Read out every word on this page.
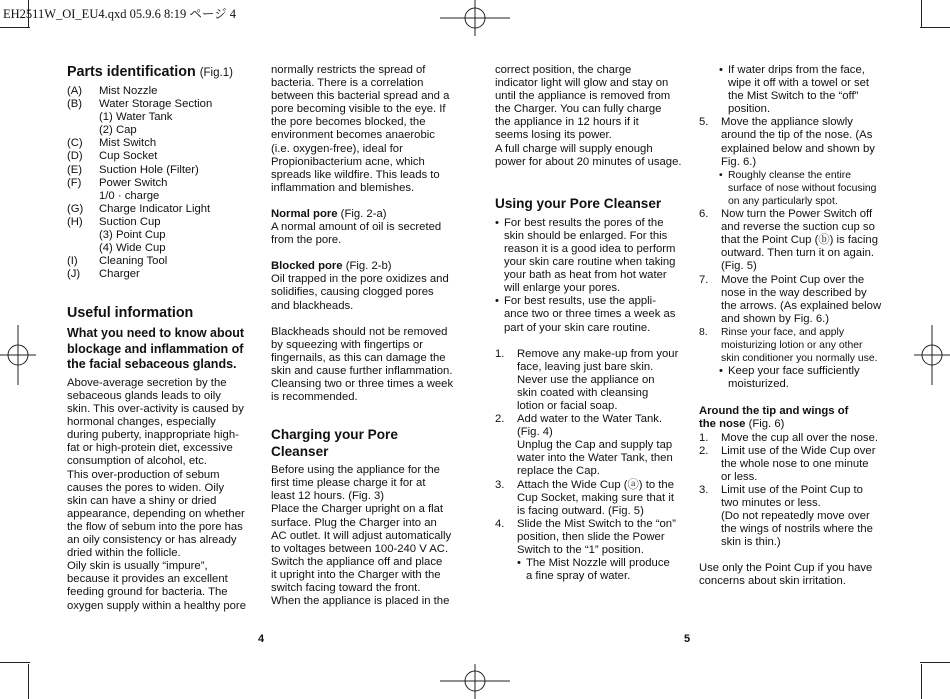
EH2511W_OI_EU4.qxd 05.9.6 8:19 ページ 4

Parts identification (Fig.1)

(A)	Mist Nozzle
(B)	Water Storage Section
(1) Water Tank
(2) Cap
(C)	Mist Switch
(D)	Cup Socket
(E)	Suction Hole (Filter)
(F)	Power Switch
1/0 · charge
(G)	Charge Indicator Light
(H)	Suction Cup
(3) Point Cup
(4) Wide Cup
(I)	Cleaning Tool
(J)	Charger

Useful information

What you need to know about
blockage and inflammation of
the facial sebaceous glands.
Above-average secretion by the
sebaceous glands leads to oily
skin. This over-activity is caused by
hormonal changes, especially
during puberty, inappropriate high-
fat or high-protein diet, excessive
consumption of alcohol, etc.
This over-production of sebum
causes the pores to widen. Oily
skin can have a shiny or dried
appearance, depending on whether
the flow of sebum into the pore has
an oily consistency or has already
dried within the follicle.
Oily skin is usually “impure”,
because it provides an excellent
feeding ground for bacteria. The
oxygen supply within a healthy pore
normally restricts the spread of
bacteria. There is a correlation
between this bacterial spread and a
pore becoming visible to the eye. If
the pore becomes blocked, the
environment becomes anaerobic
(i.e. oxygen-free), ideal for
Propionibacterium acne, which
spreads like wildfire. This leads to
inflammation and blemishes.

Normal pore (Fig. 2-a)

A normal amount of oil is secreted
from the pore.

Blocked pore (Fig. 2-b)

Oil trapped in the pore oxidizes and
solidifies, causing clogged pores
and blackheads.
Blackheads should not be removed
by squeezing with fingertips or
fingernails, as this can damage the
skin and cause further inflammation.
Cleansing two or three times a week
is recommended.
Charging your Pore
Cleanser
Before using the appliance for the
first time please charge it for at
least 12 hours. (Fig. 3)
Place the Charger upright on a flat
surface. Plug the Charger into an
AC outlet. It will adjust automatically
to voltages between 100-240 V AC.
Switch the appliance off and place
it upright into the Charger with the
switch facing toward the front.
When the appliance is placed in the
correct position, the charge
indicator light will glow and stay on
until the appliance is removed from
the Charger. You can fully charge
the appliance in 12 hours if it
seems losing its power.
A full charge will supply enough
power for about 20 minutes of usage.

Using your Pore Cleanser

• For best results the pores of the
skin should be enlarged. For this
reason it is a good idea to perform
your skin care routine when taking
your bath as heat from hot water
will enlarge your pores.
• For best results, use the appli-
ance two or three times a week as
part of your skin care routine.
1.	Remove any make-up from your
face, leaving just bare skin.
Never use the appliance on
skin coated with cleansing
lotion or facial soap.
2.	Add water to the Water Tank.
(Fig. 4)
Unplug the Cap and supply tap
water into the Water Tank, then
replace the Cap.
3.	Attach the Wide Cup (ⓐ) to the
Cup Socket, making sure that it
is facing outward. (Fig. 5)
4.	Slide the Mist Switch to the “on”
position, then slide the Power
Switch to the “1” position.
• The Mist Nozzle will produce
a fine spray of water.
• If water drips from the face,
wipe it off with a towel or set
the Mist Switch to the “off”
position.
5.	Move the appliance slowly
around the tip of the nose. (As
explained below and shown by
Fig. 6.)
• Roughly cleanse the entire
surface of nose without focusing
on any particularly spot.
6.	Now turn the Power Switch off
and reverse the suction cup so
that the Point Cup (ⓑ) is facing
outward. Then turn it on again.
(Fig. 5)
7.	Move the Point Cup over the
nose in the way described by
the arrows. (As explained below
and shown by Fig. 6.)
8.	Rinse your face, and apply
moisturizing lotion or any other
skin conditioner you normally use.
• Keep your face sufficiently
moisturized.
Around the tip and wings of
the nose (Fig. 6)
1.	Move the cup all over the nose.
2.	Limit use of the Wide Cup over
the whole nose to one minute
or less.
3.	Limit use of the Point Cup to
two minutes or less.
(Do not repeatedly move over
the wings of nostrils where the
skin is thin.)
Use only the Point Cup if you have
concerns about skin irritation.
4	5
